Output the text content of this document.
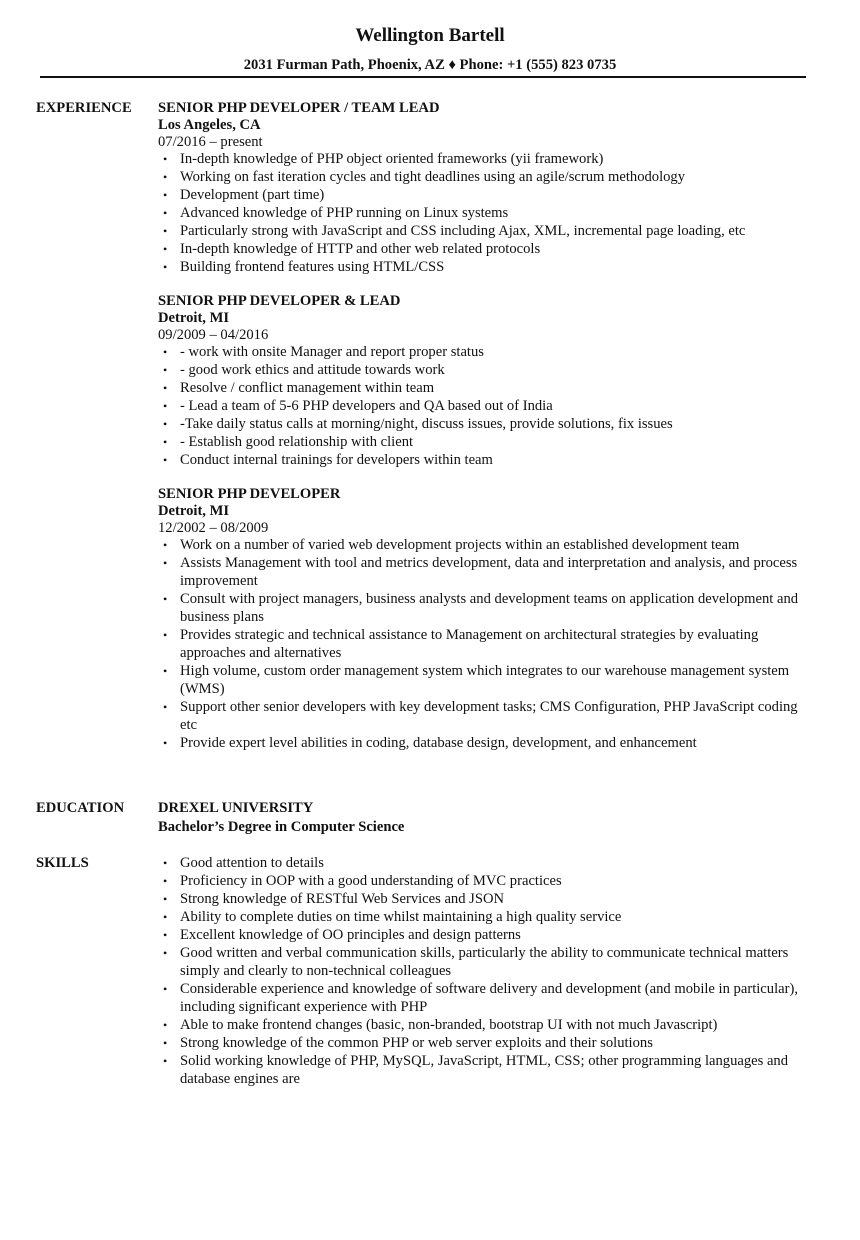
Wellington Bartell
2031 Furman Path, Phoenix, AZ ♦ Phone: +1 (555) 823 0735
EXPERIENCE SENIOR PHP DEVELOPER / TEAM LEAD
Los Angeles, CA
07/2016 – present
• In-depth knowledge of PHP object oriented frameworks (yii framework)
• Working on fast iteration cycles and tight deadlines using an agile/scrum methodology
• Development (part time)
• Advanced knowledge of PHP running on Linux systems
• Particularly strong with JavaScript and CSS including Ajax, XML, incremental page loading, etc
• In-depth knowledge of HTTP and other web related protocols
• Building frontend features using HTML/CSS
SENIOR PHP DEVELOPER & LEAD
Detroit, MI
09/2009 – 04/2016
• - work with onsite Manager and report proper status
• - good work ethics and attitude towards work
• Resolve / conflict management within team
• - Lead a team of 5-6 PHP developers and QA based out of India
• -Take daily status calls at morning/night, discuss issues, provide solutions, fix issues
• - Establish good relationship with client
• Conduct internal trainings for developers within team
SENIOR PHP DEVELOPER
Detroit, MI
12/2002 – 08/2009
• Work on a number of varied web development projects within an established development team
• Assists Management with tool and metrics development, data and interpretation and analysis, and process improvement
• Consult with project managers, business analysts and development teams on application development and business plans
• Provides strategic and technical assistance to Management on architectural strategies by evaluating approaches and alternatives
• High volume, custom order management system which integrates to our warehouse management system (WMS)
• Support other senior developers with key development tasks; CMS Configuration, PHP JavaScript coding etc
• Provide expert level abilities in coding, database design, development, and enhancement
EDUCATION DREXEL UNIVERSITY
Bachelor’s Degree in Computer Science
SKILLS	• Good attention to details
• Proficiency in OOP with a good understanding of MVC practices
• Strong knowledge of RESTful Web Services and JSON
• Ability to complete duties on time whilst maintaining a high quality service
• Excellent knowledge of OO principles and design patterns
• Good written and verbal communication skills, particularly the ability to communicate technical matters simply and clearly to non-technical colleagues
• Considerable experience and knowledge of software delivery and development (and mobile in particular), including significant experience with PHP
• Able to make frontend changes (basic, non-branded, bootstrap UI with not much Javascript)
• Strong knowledge of the common PHP or web server exploits and their solutions
• Solid working knowledge of PHP, MySQL, JavaScript, HTML, CSS; other programming languages and database engines are
